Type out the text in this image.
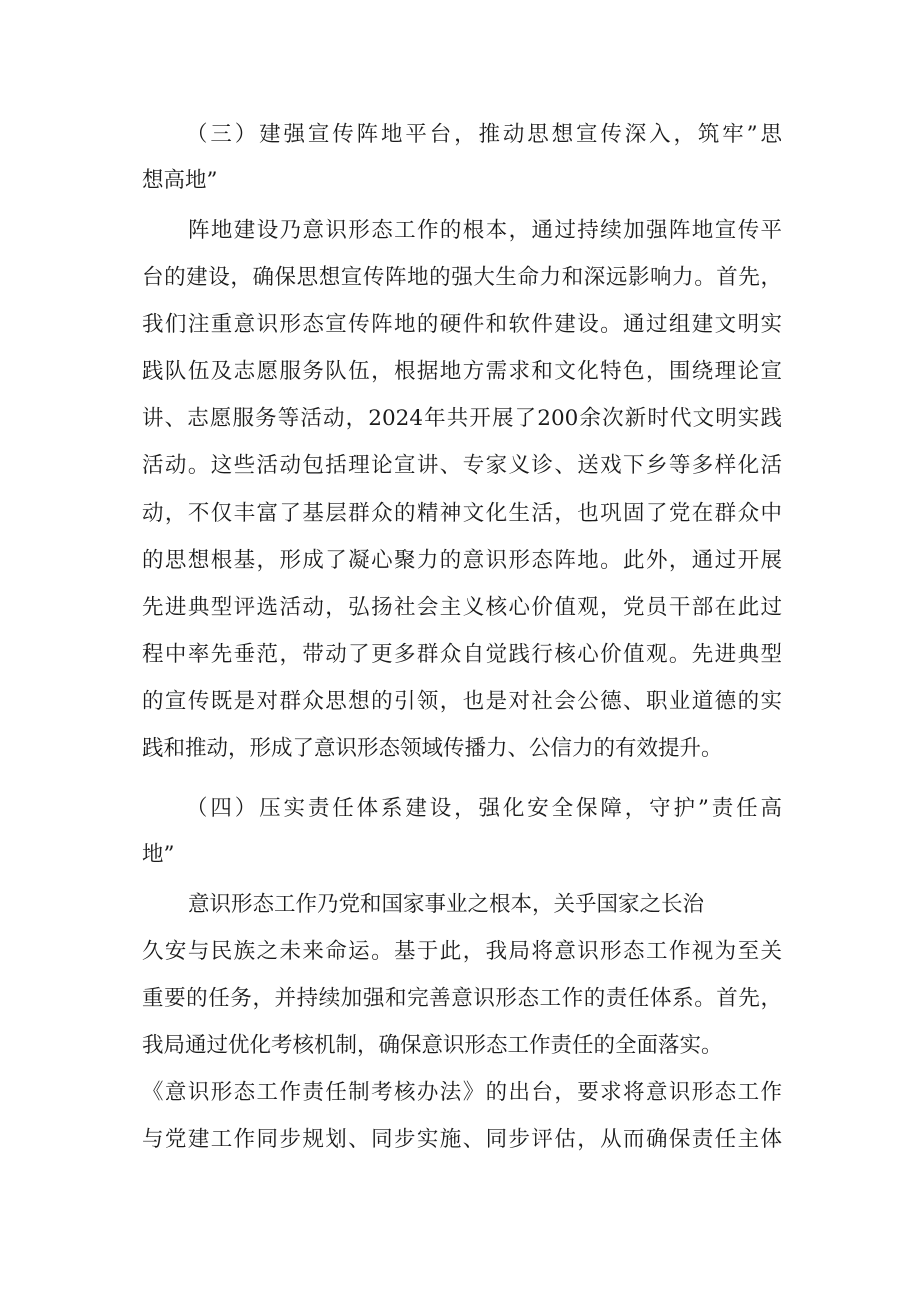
（三）建强宣传阵地平台，推动思想宣传深入，筑牢”思
想高地”
阵地建设乃意识形态工作的根本，通过持续加强阵地宣传平
台的建设，确保思想宣传阵地的强大生命力和深远影响力。首先，
我们注重意识形态宣传阵地的硬件和软件建设。通过组建文明实
践队伍及志愿服务队伍，根据地方需求和文化特色，围绕理论宣
讲、志愿服务等活动，2024年共开展了200余次新时代文明实践
活动。这些活动包括理论宣讲、专家义诊、送戏下乡等多样化活
动，不仅丰富了基层群众的精神文化生活，也巩固了党在群众中
的思想根基，形成了凝心聚力的意识形态阵地。此外，通过开展
先进典型评选活动，弘扬社会主义核心价值观，党员干部在此过
程中率先垂范，带动了更多群众自觉践行核心价值观。先进典型
的宣传既是对群众思想的引领，也是对社会公德、职业道德的实
践和推动，形成了意识形态领域传播力、公信力的有效提升。
（四）压实责任体系建设，强化安全保障，守护”责任高
地”
意识形态工作乃党和国家事业之根本，关乎国家之长治
久安与民族之未来命运。基于此，我局将意识形态工作视为至关
重要的任务，并持续加强和完善意识形态工作的责任体系。首先，
我局通过优化考核机制，确保意识形态工作责任的全面落实。
《意识形态工作责任制考核办法》的出台，要求将意识形态工作
与党建工作同步规划、同步实施、同步评估，从而确保责任主体
